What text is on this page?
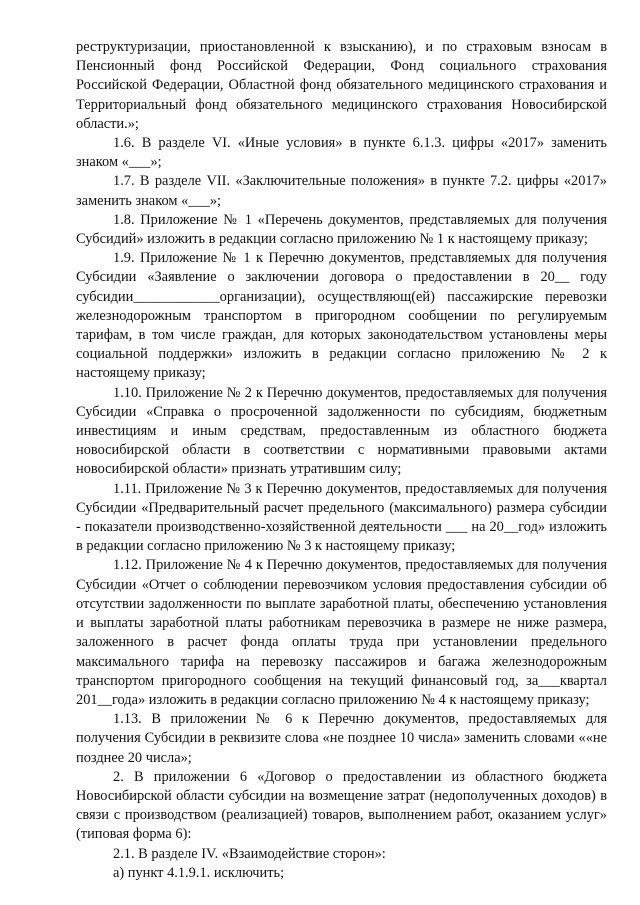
реструктуризации, приостановленной к взысканию), и по страховым взносам в Пенсионный фонд Российской Федерации, Фонд социального страхования Российской Федерации, Областной фонд обязательного медицинского страхования и Территориальный фонд обязательного медицинского страхования Новосибирской области.»;

1.6. В разделе VI. «Иные условия» в пункте 6.1.3. цифры «2017» заменить знаком «___»;

1.7. В разделе VII. «Заключительные положения» в пункте 7.2. цифры «2017» заменить знаком «___»;

1.8. Приложение № 1 «Перечень документов, представляемых для получения Субсидий» изложить в редакции согласно приложению № 1 к настоящему приказу;

1.9. Приложение № 1 к Перечню документов, представляемых для получения Субсидии «Заявление о заключении договора о предоставлении в 20__ году субсидии____________организации), осуществляющ(ей) пассажирские перевозки железнодорожным транспортом в пригородном сообщении по регулируемым тарифам, в том числе граждан, для которых законодательством установлены меры социальной поддержки» изложить в редакции согласно приложению № 2 к настоящему приказу;

1.10. Приложение № 2 к Перечню документов, предоставляемых для получения Субсидии «Справка о просроченной задолженности по субсидиям, бюджетным инвестициям и иным средствам, предоставленным из областного бюджета новосибирской области в соответствии с нормативными правовыми актами новосибирской области» признать утратившим силу;

1.11. Приложение № 3 к Перечню документов, предоставляемых для получения Субсидии «Предварительный расчет предельного (максимального) размера субсидии - показатели производственно-хозяйственной деятельности ___ на 20__год» изложить в редакции согласно приложению № 3 к настоящему приказу;

1.12. Приложение № 4 к Перечню документов, предоставляемых для получения Субсидии «Отчет о соблюдении перевозчиком условия предоставления субсидии об отсутствии задолженности по выплате заработной платы, обеспечению установления и выплаты заработной платы работникам перевозчика в размере не ниже размера, заложенного в расчет фонда оплаты труда при установлении предельного максимального тарифа на перевозку пассажиров и багажа железнодорожным транспортом пригородного сообщения на текущий финансовый год, за___квартал 201__года» изложить в редакции согласно приложению № 4 к настоящему приказу;

1.13. В приложении № 6 к Перечню документов, предоставляемых для получения Субсидии в реквизите слова «не позднее 10 числа» заменить словами ««не позднее 20 числа»;

2. В приложении 6 «Договор о предоставлении из областного бюджета Новосибирской области субсидии на возмещение затрат (недополученных доходов) в связи с производством (реализацией) товаров, выполнением работ, оказанием услуг» (типовая форма 6):

2.1. В разделе IV. «Взаимодействие сторон»:

а) пункт 4.1.9.1. исключить;
